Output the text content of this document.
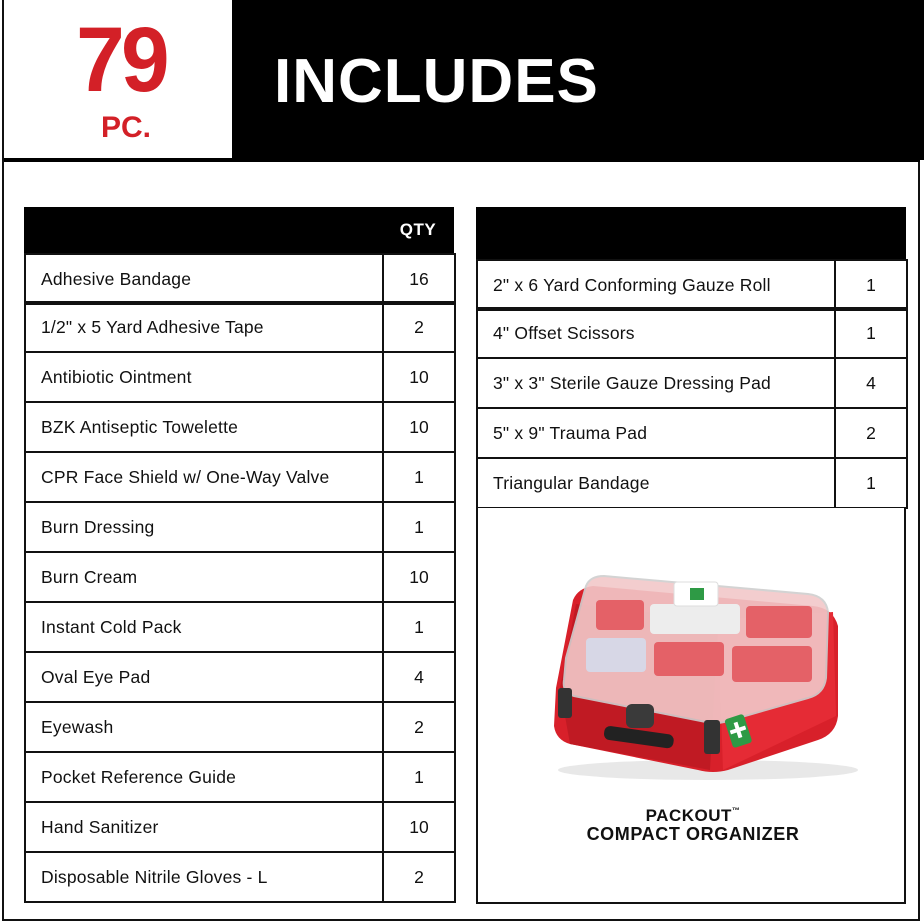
79
PC.
INCLUDES
QTY
Adhesive Bandage	16
1/2" x 5 Yard Adhesive Tape	2
Antibiotic Ointment	10
BZK Antiseptic Towelette	10
CPR Face Shield w/ One-Way Valve	1
Burn Dressing	1
Burn Cream	10
Instant Cold Pack	1
Oval Eye Pad	4
Eyewash	2
Pocket Reference Guide	1
Hand Sanitizer	10
Disposable Nitrile Gloves - L	2
2" x 6 Yard Conforming Gauze Roll	1
4" Offset Scissors	1
3" x 3" Sterile Gauze Dressing Pad	4
5" x 9" Trauma Pad	2
Triangular Bandage	1
PACKOUT™
COMPACT ORGANIZER
